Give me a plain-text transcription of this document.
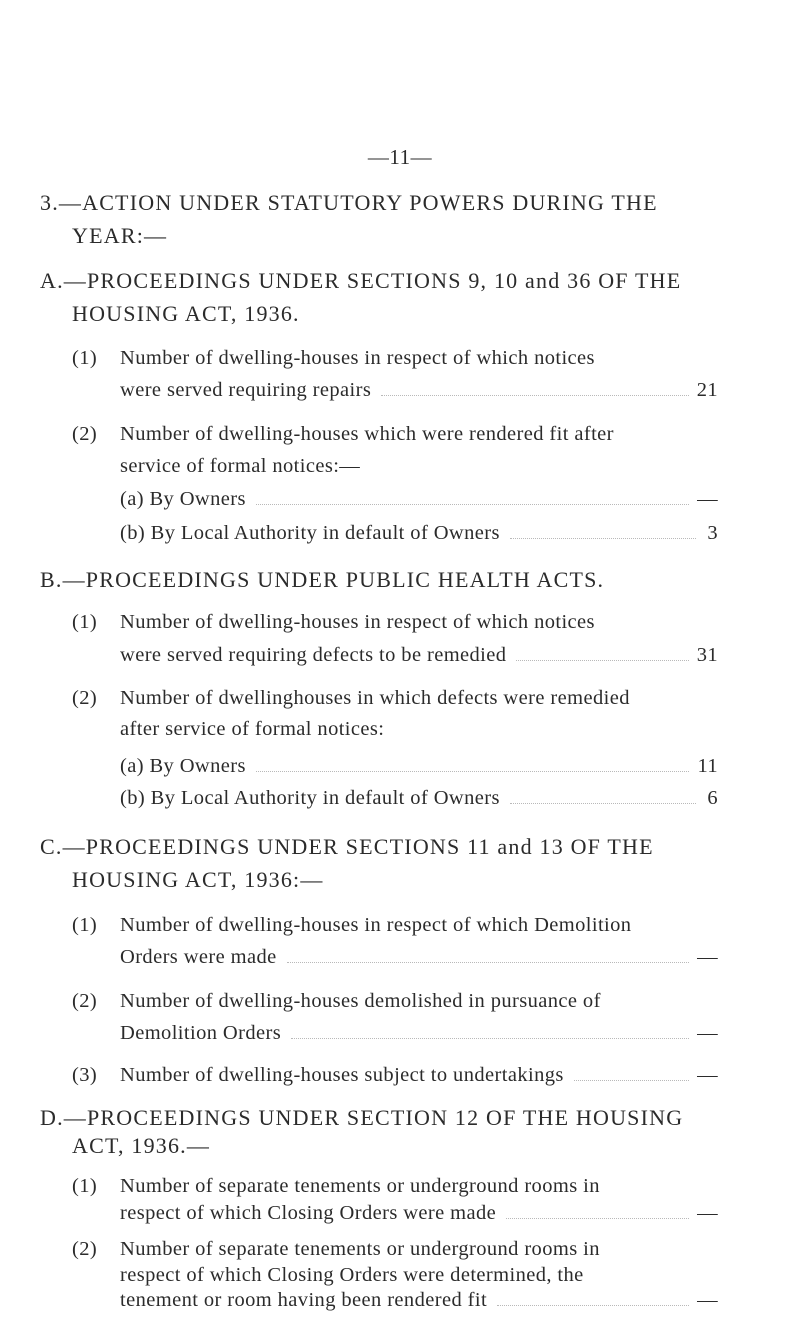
—11—
3.—ACTION UNDER STATUTORY POWERS DURING THE
YEAR:—
A.—PROCEEDINGS UNDER SECTIONS 9, 10 and 36 OF THE
HOUSING ACT, 1936.
(1) Number of dwelling-houses in respect of which notices
were served requiring repairs	21
(2) Number of dwelling-houses which were rendered fit after
service of formal notices:—
(a) By Owners	—
(b) By Local Authority in default of Owners	3
B.—PROCEEDINGS UNDER PUBLIC HEALTH ACTS.
(1) Number of dwelling-houses in respect of which notices
were served requiring defects to be remedied	31
(2) Number of dwellinghouses in which defects were remedied
after service of formal notices:
(a) By Owners	11
(b) By Local Authority in default of Owners	6
C.—PROCEEDINGS UNDER SECTIONS 11 and 13 OF THE
HOUSING ACT, 1936:—
(1) Number of dwelling-houses in respect of which Demolition
Orders were made	—
(2) Number of dwelling-houses demolished in pursuance of
Demolition Orders	—
(3) Number of dwelling-houses subject to undertakings	—
D.—PROCEEDINGS UNDER SECTION 12 OF THE HOUSING
ACT, 1936.—
(1) Number of separate tenements or underground rooms in
respect of which Closing Orders were made	—
(2) Number of separate tenements or underground rooms in
respect of which Closing Orders were determined, the
tenement or room having been rendered fit	—
